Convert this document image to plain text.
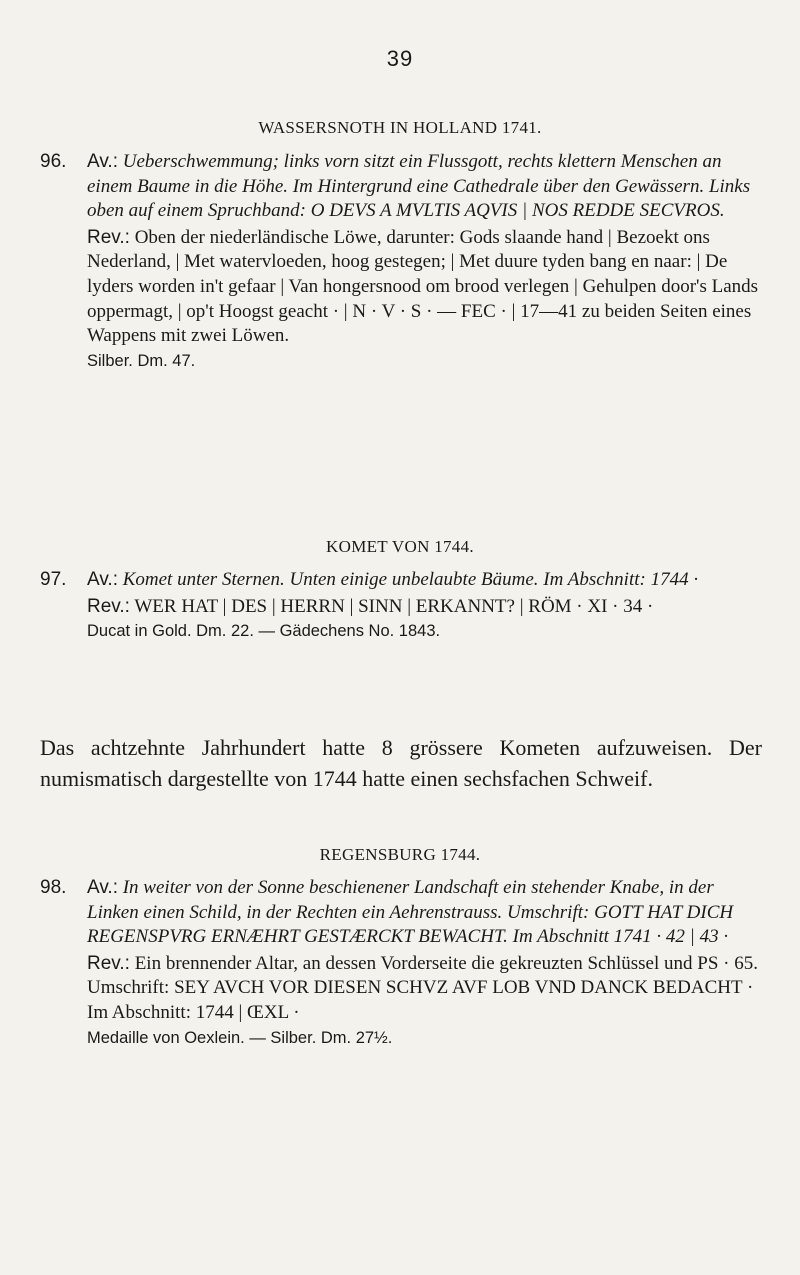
39
WASSERSNOTH IN HOLLAND 1741.
96. Av.: Ueberschwemmung; links vorn sitzt ein Flussgott, rechts klettern Menschen an einem Baume in die Höhe. Im Hintergrund eine Cathedrale über den Gewässern. Links oben auf einem Spruchband: O DEVS A MVLTIS AQVIS | NOS REDDE SECVROS.
Rev.: Oben der niederländische Löwe, darunter: Gods slaande hand | Bezoekt ons Nederland, | Met watervloeden, hoog gestegen; | Met duure tyden bang en naar: | De lyders worden in't gefaar | Van hongersnood om brood verlegen | Gehulpen door's Lands oppermagt, | op't Hoogst geacht · | N · V · S · — FEC · | 17—41 zu beiden Seiten eines Wappens mit zwei Löwen.
Silber. Dm. 47.
KOMET VON 1744.
97. Av.: Komet unter Sternen. Unten einige unbelaubte Bäume. Im Abschnitt: 1744 ·
Rev.: WER HAT | DES | HERRN | SINN | ERKANNT? | RÖM · XI · 34 ·
Ducat in Gold. Dm. 22. — Gädechens No. 1843.
Das achtzehnte Jahrhundert hatte 8 grössere Kometen aufzuweisen. Der numismatisch dargestellte von 1744 hatte einen sechsfachen Schweif.
REGENSBURG 1744.
98. Av.: In weiter von der Sonne beschienener Landschaft ein stehender Knabe, in der Linken einen Schild, in der Rechten ein Aehrenstrauss. Umschrift: GOTT HAT DICH REGENSPVRG ERNÆHRT GESTÆRCKT BEWACHT. Im Abschnitt 1741 · 42 | 43 ·
Rev.: Ein brennender Altar, an dessen Vorderseite die gekreuzten Schlüssel und PS · 65. Umschrift: SEY AVCH VOR DIESEN SCHVZ AVF LOB VND DANCK BEDACHT · Im Abschnitt: 1744 | ŒXL ·
Medaille von Oexlein. — Silber. Dm. 27½.
